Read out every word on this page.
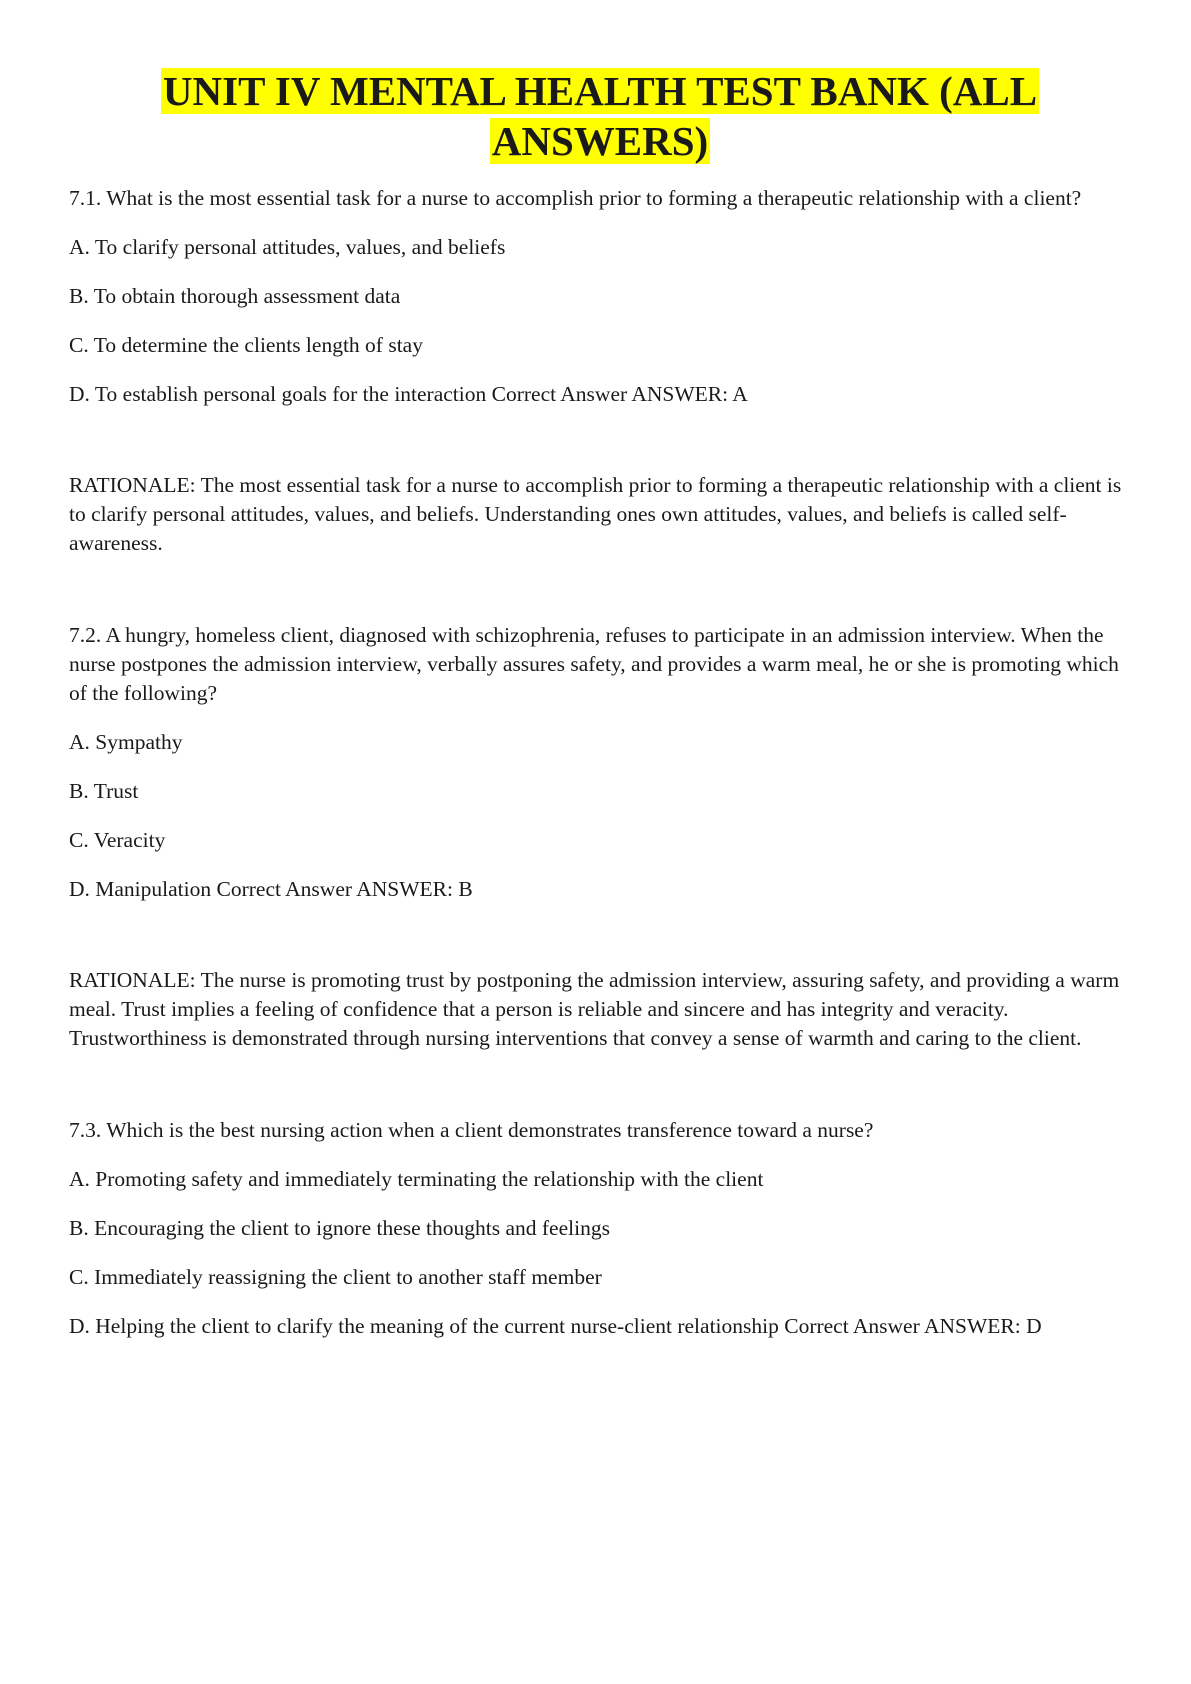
UNIT IV MENTAL HEALTH TEST BANK (ALL
ANSWERS)

7.1. What is the most essential task for a nurse to accomplish prior to forming a therapeutic relationship with a client?

A. To clarify personal attitudes, values, and beliefs

B. To obtain thorough assessment data

C. To determine the clients length of stay

D. To establish personal goals for the interaction Correct Answer ANSWER: A

RATIONALE: The most essential task for a nurse to accomplish prior to forming a therapeutic relationship with a client is to clarify personal attitudes, values, and beliefs. Understanding ones own attitudes, values, and beliefs is called self-awareness.

7.2. A hungry, homeless client, diagnosed with schizophrenia, refuses to participate in an admission interview. When the nurse postpones the admission interview, verbally assures safety, and provides a warm meal, he or she is promoting which of the following?

A. Sympathy

B. Trust

C. Veracity

D. Manipulation Correct Answer ANSWER: B

RATIONALE: The nurse is promoting trust by postponing the admission interview, assuring safety, and providing a warm meal. Trust implies a feeling of confidence that a person is reliable and sincere and has integrity and veracity. Trustworthiness is demonstrated through nursing interventions that convey a sense of warmth and caring to the client.

7.3. Which is the best nursing action when a client demonstrates transference toward a nurse?

A. Promoting safety and immediately terminating the relationship with the client

B. Encouraging the client to ignore these thoughts and feelings

C. Immediately reassigning the client to another staff member

D. Helping the client to clarify the meaning of the current nurse-client relationship Correct Answer ANSWER: D
